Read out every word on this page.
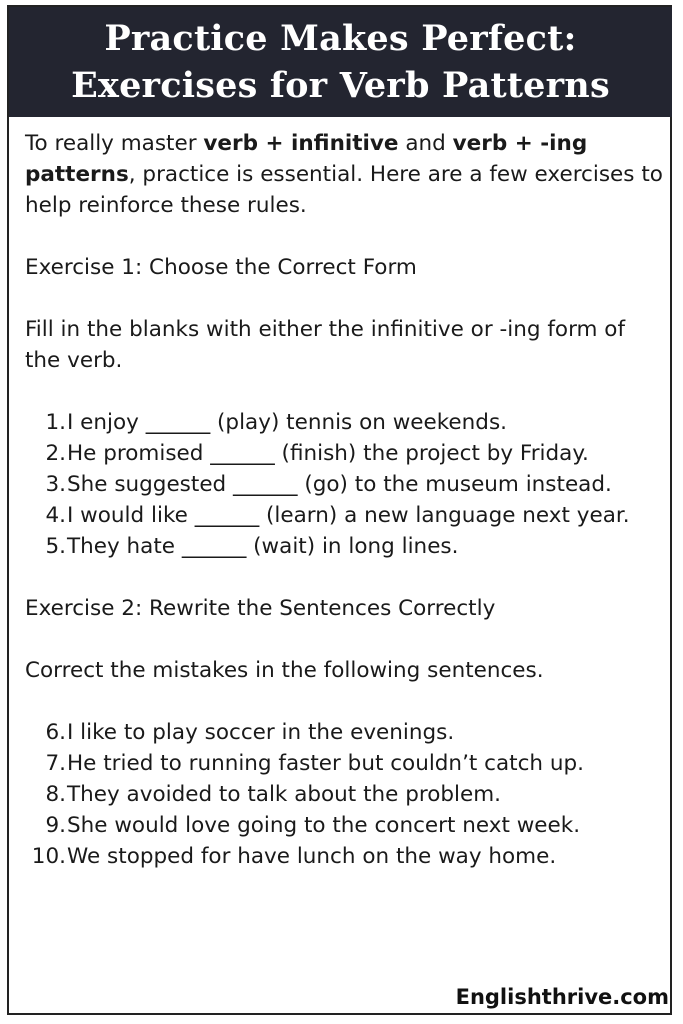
Practice Makes Perfect:
Exercises for Verb Patterns

To really master verb + infinitive and verb + -ing patterns, practice is essential. Here are a few exercises to help reinforce these rules.

Exercise 1: Choose the Correct Form

Fill in the blanks with either the infinitive or -ing form of the verb.

1. I enjoy ______ (play) tennis on weekends.
2. He promised ______ (finish) the project by Friday.
3. She suggested ______ (go) to the museum instead.
4. I would like ______ (learn) a new language next year.
5. They hate ______ (wait) in long lines.

Exercise 2: Rewrite the Sentences Correctly

Correct the mistakes in the following sentences.

6. I like to play soccer in the evenings.
7. He tried to running faster but couldn’t catch up.
8. They avoided to talk about the problem.
9. She would love going to the concert next week.
10. We stopped for have lunch on the way home.
Englishthrive.com
